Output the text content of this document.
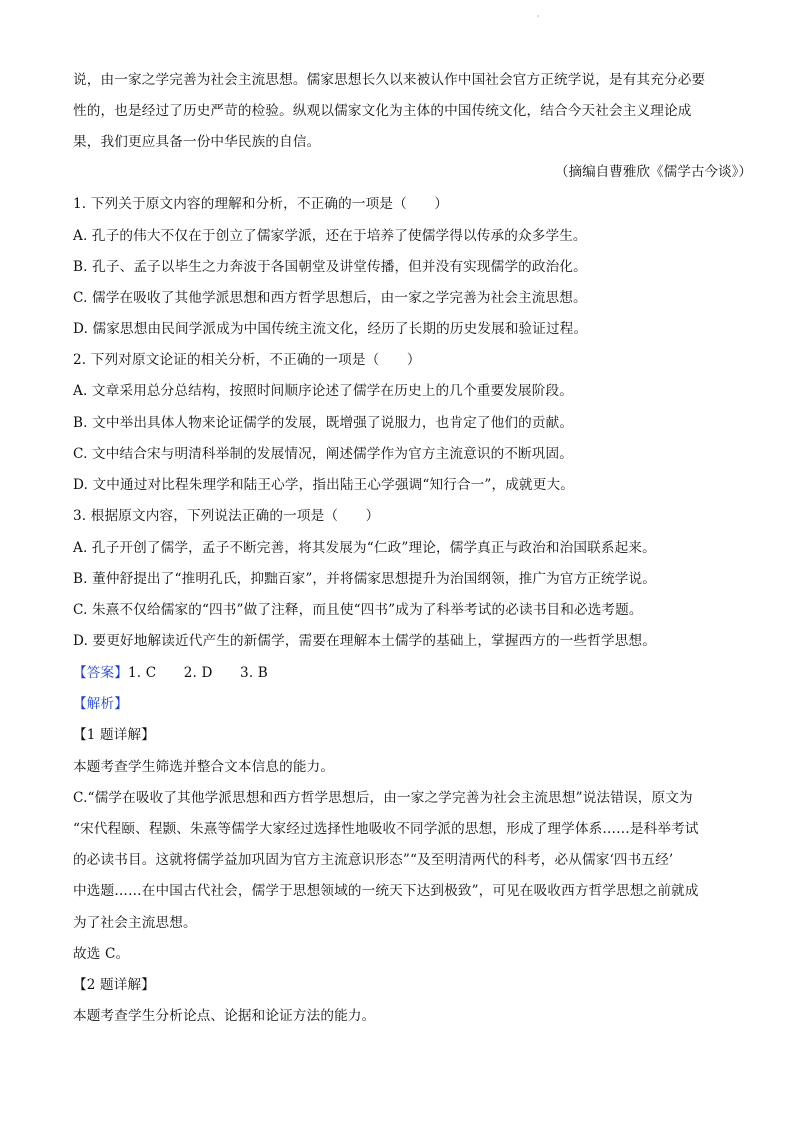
'
说，由一家之学完善为社会主流思想。儒家思想长久以来被认作中国社会官方正统学说，是有其充分必要
性的，也是经过了历史严苛的检验。纵观以儒家文化为主体的中国传统文化，结合今天社会主义理论成
果，我们更应具备一份中华民族的自信。
（摘编自曹雅欣《儒学古今谈》）
1. 下列关于原文内容的理解和分析，不正确的一项是（　　）
A. 孔子的伟大不仅在于创立了儒家学派，还在于培养了使儒学得以传承的众多学生。
B. 孔子、孟子以毕生之力奔波于各国朝堂及讲堂传播，但并没有实现儒学的政治化。
C. 儒学在吸收了其他学派思想和西方哲学思想后，由一家之学完善为社会主流思想。
D. 儒家思想由民间学派成为中国传统主流文化，经历了长期的历史发展和验证过程。
2. 下列对原文论证的相关分析，不正确的一项是（　　）
A. 文章采用总分总结构，按照时间顺序论述了儒学在历史上的几个重要发展阶段。
B. 文中举出具体人物来论证儒学的发展，既增强了说服力，也肯定了他们的贡献。
C. 文中结合宋与明清科举制的发展情况，阐述儒学作为官方主流意识的不断巩固。
D. 文中通过对比程朱理学和陆王心学，指出陆王心学强调“知行合一”，成就更大。
3. 根据原文内容，下列说法正确的一项是（　　）
A. 孔子开创了儒学，孟子不断完善，将其发展为“仁政”理论，儒学真正与政治和治国联系起来。
B. 董仲舒提出了“推明孔氏，抑黜百家”，并将儒家思想提升为治国纲领，推广为官方正统学说。
C. 朱熹不仅给儒家的“四书”做了注释，而且使“四书”成为了科举考试的必读书目和必选考题。
D. 要更好地解读近代产生的新儒学，需要在理解本土儒学的基础上，掌握西方的一些哲学思想。
【答案】1. C　　2. D　　3. B
【解析】
【1 题详解】
本题考查学生筛选并整合文本信息的能力。
C.“儒学在吸收了其他学派思想和西方哲学思想后，由一家之学完善为社会主流思想”说法错误，原文为
“宋代程颐、程颢、朱熹等儒学大家经过选择性地吸收不同学派的思想，形成了理学体系……是科举考试
的必读书目。这就将儒学益加巩固为官方主流意识形态”“及至明清两代的科考，必从儒家‘四书五经’
中选题……在中国古代社会，儒学于思想领域的一统天下达到极致”，可见在吸收西方哲学思想之前就成
为了社会主流思想。
故选 C。
【2 题详解】
本题考查学生分析论点、论据和论证方法的能力。
